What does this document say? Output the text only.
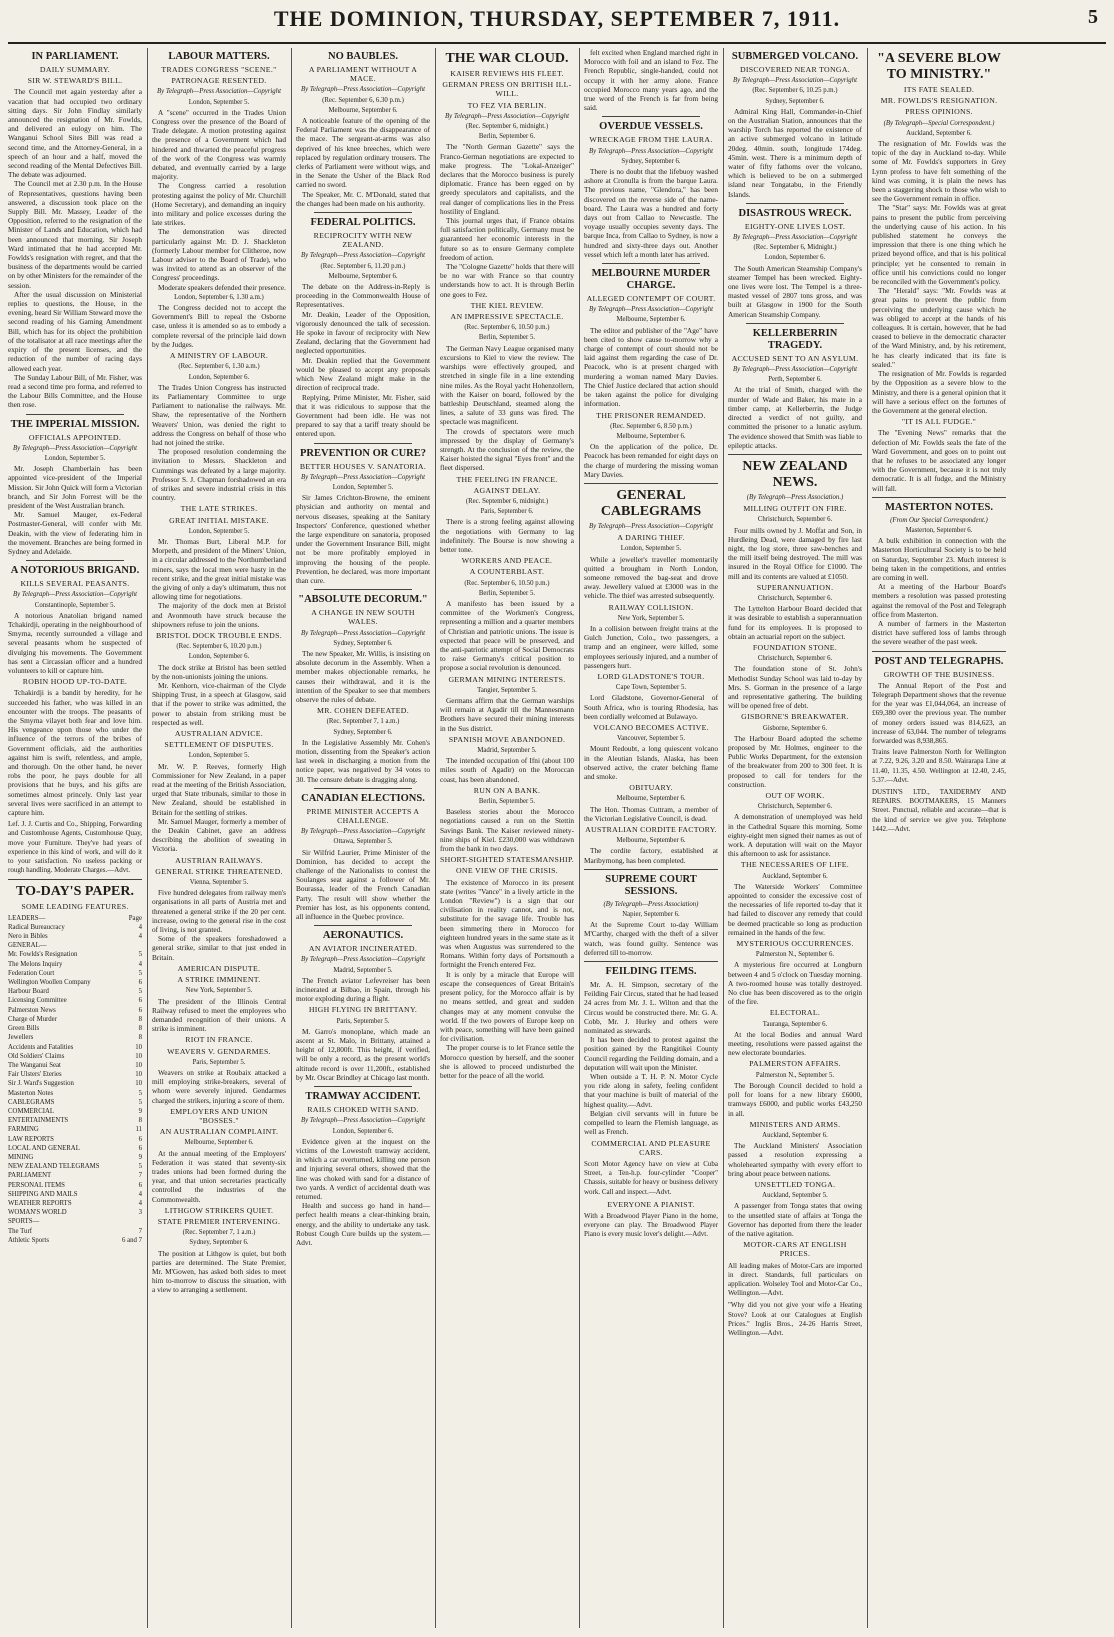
THE DOMINION, THURSDAY, SEPTEMBER 7, 1911.	5
IN PARLIAMENT.
DAILY SUMMARY.
SIR W. STEWARD'S BILL.

The Council met again yesterday after a vacation that had occupied two ordinary sitting days. Sir John Findlay similarly announced the resignation of Mr. Fowlds, and delivered an eulogy on him. The Wanganui School Sites Bill was read a second time, and the Attorney-General, in a speech of an hour and a half, moved the second reading of the Mental Defectives Bill. The debate was adjourned.

The Council met at 2.30 p.m. In the House of Representatives, questions having been answered, a discussion took place on the Supply Bill. Mr. Massey, Leader of the Opposition, referred to the resignation of the Minister of Lands and Education, which had been announced that morning. Sir Joseph Ward intimated that he had accepted Mr. Fowlds's resignation with regret, and that the business of the departments would be carried on by other Ministers for the remainder of the session.

After the usual discussion on Ministerial replies to questions, the House, in the evening, heard Sir William Steward move the second reading of his Gaming Amendment Bill, which has for its object the prohibition of the totalisator at all race meetings after the expiry of the present licenses, and the reduction of the number of racing days allowed each year.

The Sunday Labour Bill, of Mr. Fisher, was read a second time pro forma, and referred to the Labour Bills Committee, and the House then rose.

THE IMPERIAL MISSION.
OFFICIALS APPOINTED.
By Telegraph—Press Association—Copyright
London, September 5.

Mr. Joseph Chamberlain has been appointed vice-president of the Imperial Mission. Sir John Quick will form a Victorian branch, and Sir John Forrest will be the president of the West Australian branch.

Mr. Samuel Mauger, ex-Federal Postmaster-General, will confer with Mr. Deakin, with the view of federating him in the movement. Branches are being formed in Sydney and Adelaide.

A NOTORIOUS BRIGAND.
KILLS SEVERAL PEASANTS.
By Telegraph—Press Association—Copyright
Constantinople, September 5.

A notorious Anatolian brigand named Tchakirdji, operating in the neighbourhood of Smyrna, recently surrounded a village and several peasants whom he suspected of divulging his movements. The Government has sent a Circassian officer and a hundred volunteers to kill or capture him.

ROBIN HOOD UP-TO-DATE.

Tchakirdji is a bandit by heredity, for he succeeded his father, who was killed in an encounter with the troops. The peasants of the Smyrna vilayet both fear and love him. His vengeance upon those who under the influence of the terrors of the bribes of Government officials, aid the authorities against him is swift, relentless, and ample, and thorough. On the other hand, he never robs the poor, he pays double for all provisions that he buys, and his gifts are sometimes almost princely. Only last year several lives were sacrificed in an attempt to capture him.

Lef. J. J. Curtis and Co., Shipping, Forwarding and Customhouse Agents, Customhouse Quay, move your Furniture. They've had years of experience in this kind of work, and will do it to your satisfaction. No useless packing or rough handling. Moderate Charges.—Advt.

TO-DAY'S PAPER.
SOME LEADING FEATURES.
LEADERS—	Page
Radical Bureaucracy	4
Nero in Bibles	4
GENERAL—
Mr. Fowlds's Resignation	5
The Melons Inquiry	4
Federation Court	5
Wellington Woollen Company	6
Harbour Board	5
Licensing Committee	6
Palmerston News	6
Charge of Murder	8
Green Bills	8
Jewellers	8
Accidents and Fatalities	10
Old Soldiers' Claims	10
The Wanganui Seat	10
Fair Ulsters' Eteries	10
Sir J. Ward's Suggestion	10
Masterton Notes	5
CABLEGRAMS	5
COMMERCIAL	9
ENTERTAINMENTS	8
FARMING	11
LAW REPORTS	6
LOCAL AND GENERAL	6
MINING	9
NEW ZEALAND TELEGRAMS	5
PARLIAMENT	7
PERSONAL ITEMS	6
SHIPPING AND MAILS	4
WEATHER REPORTS	4
WOMAN'S WORLD	3
SPORTS—
The Turf	7
Athletic Sports	6 and 7
LABOUR MATTERS.
TRADES CONGRESS "SCENE."
PATRONAGE RESENTED.
By Telegraph—Press Association—Copyright
London, September 5.

A "scene" occurred in the Trades Union Congress over the presence of the Board of Trade delegate. A motion protesting against the presence of a Government which had hindered and thwarted the peaceful progress of the work of the Congress was warmly debated, and eventually carried by a large majority.

The Congress carried a resolution protesting against the policy of Mr. Churchill (Home Secretary), and demanding an inquiry into military and police excesses during the late strikes.

The demonstration was directed particularly against Mr. D. J. Shackleton (formerly Labour member for Clitheroe, now Labour adviser to the Board of Trade), who was invited to attend as an observer of the Congress' proceedings.

Moderate speakers defended their presence.

London, September 6, 1.30 a.m.)

The Congress decided not to accept the Government's Bill to repeal the Osborne case, unless it is amended so as to embody a complete reversal of the principle laid down by the Judges.

A MINISTRY OF LABOUR.
(Rec. September 6, 1.30 a.m.)
London, September 6.

The Trades Union Congress has instructed its Parliamentary Committee to urge Parliament to nationalise the railways. Mr. Shaw, the representative of the Northern Weavers' Union, was denied the right to address the Congress on behalf of those who had not joined the strike.

The proposed resolution condemning the invitation to Messrs. Shackleton and Cummings was defeated by a large majority. Professor S. J. Chapman forshadowed an era of strikes and severe industrial crisis in this country.

THE LATE STRIKES.
GREAT INITIAL MISTAKE.
London, September 5.

Mr. Thomas Burt, Liberal M.P. for Morpeth, and president of the Miners' Union, in a circular addressed to the Northumberland miners, says the local men were hasty in the recent strike, and the great initial mistake was the giving of only a day's ultimatum, thus not allowing time for negotiations.

The majority of the dock men at Bristol and Avonmouth have struck because the shipowners refuse to join the unions.

BRISTOL DOCK TROUBLE ENDS.
(Rec. September 6, 10.20 p.m.)
London, September 6.

The dock strike at Bristol has been settled by the non-unionists joining the unions.

Mr. Kenhorn, vice-chairman of the Clyde Shipping Trust, in a speech at Glasgow, said that if the power to strike was admitted, the power to abstain from striking must be respected as well.

AUSTRALIAN ADVICE.
SETTLEMENT OF DISPUTES.
London, September 5.

Mr. W. P. Reeves, formerly High Commissioner for New Zealand, in a paper read at the meeting of the British Association, urged that State tribunals, similar to those in New Zealand, should be established in Britain for the settling of strikes.

Mr. Samuel Mauger, formerly a member of the Deakin Cabinet, gave an address describing the abolition of sweating in Victoria.

AUSTRIAN RAILWAYS.
GENERAL STRIKE THREATENED.
Vienna, September 5.

Five hundred delegates from railway men's organisations in all parts of Austria met and threatened a general strike if the 20 per cent. increase, owing to the general rise in the cost of living, is not granted.

Some of the speakers foreshadowed a general strike, similar to that just ended in Britain.

AMERICAN DISPUTE.
A STRIKE IMMINENT.
New York, September 5.

The president of the Illinois Central Railway refused to meet the employees who demanded recognition of their unions. A strike is imminent.

RIOT IN FRANCE.
WEAVERS V. GENDARMES.
Paris, September 5.

Weavers on strike at Roubaix attacked a mill employing strike-breakers, several of whom were severely injured. Gendarmes charged the strikers, injuring a score of them.

EMPLOYERS AND UNION "BOSSES."
AN AUSTRALIAN COMPLAINT.
Melbourne, September 6.

At the annual meeting of the Employers' Federation it was stated that seventy-six trades unions had been formed during the year, and that union secretaries practically controlled the industries of the Commonwealth.

LITHGOW STRIKERS QUIET.
STATE PREMIER INTERVENING.
(Rec. September 7, 1 a.m.)
Sydney, September 6.

The position at Lithgow is quiet, but both parties are determined. The State Premier, Mr. M'Gowen, has asked both sides to meet him to-morrow to discuss the situation, with a view to arranging a settlement.

NO BAUBLES.
A PARLIAMENT WITHOUT A MACE.
By Telegraph—Press Association—Copyright
(Rec. September 6, 6.30 p.m.)
Melbourne, September 6.

A noticeable feature of the opening of the Federal Parliament was the disappearance of the mace. The sergeant-at-arms was also deprived of his knee breeches, which were replaced by regulation ordinary trousers. The clerks of Parliament were without wigs, and in the Senate the Usher of the Black Rod carried no sword.

The Speaker, Mr. C. M'Donald, stated that the changes had been made on his authority.

FEDERAL POLITICS.
RECIPROCITY WITH NEW ZEALAND.
By Telegraph—Press Association—Copyright
(Rec. September 6, 11.20 p.m.)
Melbourne, September 6.

The debate on the Address-in-Reply is proceeding in the Commonwealth House of Representatives.

Mr. Deakin, Leader of the Opposition, vigorously denounced the talk of secession. He spoke in favour of reciprocity with New Zealand, declaring that the Government had neglected opportunities.

Mr. Deakin replied that the Government would be pleased to accept any proposals which New Zealand might make in the direction of reciprocal trade.

Replying, Prime Minister, Mr. Fisher, said that it was ridiculous to suppose that the Government had been idle. He was not prepared to say that a tariff treaty should be entered upon.

PREVENTION OR CURE?
BETTER HOUSES V. SANATORIA.
By Telegraph—Press Association—Copyright
London, September 5.

Sir James Crichton-Browne, the eminent physician and authority on mental and nervous diseases, speaking at the Sanitary Inspectors' Conference, questioned whether the large expenditure on sanatoria, proposed under the Government Insurance Bill, might not be more profitably employed in improving the housing of the people. Prevention, he declared, was more important than cure.

"ABSOLUTE DECORUM."
A CHANGE IN NEW SOUTH WALES.
By Telegraph—Press Association—Copyright
Sydney, September 6.

The new Speaker, Mr. Willis, is insisting on absolute decorum in the Assembly. When a member makes objectionable remarks, he causes their withdrawal, and it is the intention of the Speaker to see that members observe the rules of debate.

MR. COHEN DEFEATED.
(Rec. September 7, 1 a.m.)
Sydney, September 6.

In the Legislative Assembly Mr. Cohen's motion, dissenting from the Speaker's action last week in discharging a motion from the notice paper, was negatived by 34 votes to 30. The censure debate is dragging along.

CANADIAN ELECTIONS.
PRIME MINISTER ACCEPTS A CHALLENGE.
By Telegraph—Press Association—Copyright
Ottawa, September 5.

Sir Wilfrid Laurier, Prime Minister of the Dominion, has decided to accept the challenge of the Nationalists to contest the Soulanges seat against a follower of Mr. Bourassa, leader of the French Canadian Party. The result will show whether the Premier has lost, as his opponents contend, all influence in the Quebec province.

AERONAUTICS.
AN AVIATOR INCINERATED.
By Telegraph—Press Association—Copyright
Madrid, September 5.

The French aviator Lefevreiser has been incinerated at Bilbao, in Spain, through his motor exploding during a flight.

HIGH FLYING IN BRITTANY.
Paris, September 5.

M. Garro's monoplane, which made an ascent at St. Malo, in Brittany, attained a height of 12,800ft. This height, if verified, will be only a record, as the present world's altitude record is over 11,200ft., established by Mr. Oscar Brindley at Chicago last month.

TRAMWAY ACCIDENT.
RAILS CHOKED WITH SAND.
By Telegraph—Press Association—Copyright
London, September 6.

Evidence given at the inquest on the victims of the Lowestoft tramway accident, in which a car overturned, killing one person and injuring several others, showed that the line was choked with sand for a distance of two yards. A verdict of accidental death was returned.

Health and success go hand in hand—perfect health means a clear-thinking brain, energy, and the ability to undertake any task. Robust Cough Cure builds up the system.—Advt.

THE WAR CLOUD.
KAISER REVIEWS HIS FLEET.
GERMAN PRESS ON BRITISH ILL-WILL.
TO FEZ VIA BERLIN.
By Telegraph—Press Association—Copyright
(Rec. September 6, midnight.)
Berlin, September 6.

The "North German Gazette" says the Franco-German negotiations are expected to make progress. The "Lokal-Anzeiger" declares that the Morocco business is purely diplomatic. France has been egged on by greedy speculators and capitalists, and the real danger of complications lies in the Press hostility of England.

This journal urges that, if France obtains full satisfaction politically, Germany must be guaranteed her economic interests in the future so as to ensure Germany complete freedom of action.

The "Cologne Gazette" holds that there will be no war with France so that country understands how to act. It is through Berlin one goes to Fez.

THE KIEL REVIEW.
AN IMPRESSIVE SPECTACLE.
(Rec. September 6, 10.50 p.m.)
Berlin, September 5.

The German Navy League organised many excursions to Kiel to view the review. The warships were effectively grouped, and stretched in single file in a line extending nine miles. As the Royal yacht Hohenzollern, with the Kaiser on board, followed by the battleship Deutschland, steamed along the lines, a salute of 33 guns was fired. The spectacle was magnificent.

The crowds of spectators were much impressed by the display of Germany's strength. At the conclusion of the review, the Kaiser hoisted the signal "Eyes front" and the fleet dispersed.

THE FEELING IN FRANCE.
AGAINST DELAY.
(Rec. September 6, midnight.)
Paris, September 6.

There is a strong feeling against allowing the negotiations with Germany to lag indefinitely. The Bourse is now showing a better tone.

WORKERS AND PEACE.
A COUNTERBLAST.
(Rec. September 6, 10.50 p.m.)
Berlin, September 5.

A manifesto has been issued by a committee of the Workmen's Congress, representing a million and a quarter members of Christian and patriotic unions. The issue is expected that peace will be preserved, and the anti-patriotic attempt of Social Democrats to raise Germany's critical position to propose a social revolution is denounced.

GERMAN MINING INTERESTS.
Tangier, September 5.

Germans affirm that the German warships will remain at Agadir till the Mannesmann Brothers have secured their mining interests in the Sus district.

SPANISH MOVE ABANDONED.
Madrid, September 5.

The intended occupation of Ifni (about 100 miles south of Agadir) on the Moroccan coast, has been abandoned.

RUN ON A BANK.
Berlin, September 5.

Baseless stories about the Morocco negotiations caused a run on the Stettin Savings Bank. The Kaiser reviewed ninety-nine ships of Kiel. £230,000 was withdrawn from the bank in two days.

SHORT-SIGHTED STATESMANSHIP.
ONE VIEW OF THE CRISIS.

The existence of Morocco in its present state (writes "Vance" in a lively article in the London "Review") is a sign that our civilisation in reality cannot, and is not, substitute for the savage life. Trouble has been simmering there in Morocco for eighteen hundred years in the same state as it was when Augustus was surrendered to the Romans. Within forty days of Portsmouth a fortnight the French entered Fez.

It is only by a miracle that Europe will escape the consequences of Great Britain's present policy, for the Morocco affair is by no means settled, and great and sudden changes may at any moment convulse the world. If the two powers of Europe keep on with peace, something will have been gained for civilisation.

The proper course is to let France settle the Morocco question by herself, and the sooner she is allowed to proceed undisturbed the better for the peace of all the world.

felt excited when England marched right in Morocco with foil and an island to Fez. The French Republic, single-handed, could not occupy it with her army alone. France occupied Morocco many years ago, and the true word of the French is far from being said.

OVERDUE VESSELS.
WRECKAGE FROM THE LAURA.
By Telegraph—Press Association—Copyright
Sydney, September 6.

There is no doubt that the lifebuoy washed ashore at Cronulla is from the barque Laura. The previous name, "Glendora," has been discovered on the reverse side of the name-board. The Laura was a hundred and forty days out from Callao to Newcastle. The voyage usually occupies seventy days. The barque Inca, from Callao to Sydney, is now a hundred and sixty-three days out. Another vessel which left a month later has arrived.

MELBOURNE MURDER CHARGE.
ALLEGED CONTEMPT OF COURT.
By Telegraph—Press Association—Copyright
Melbourne, September 6.

The editor and publisher of the "Age" have been cited to show cause to-morrow why a charge of contempt of court should not be laid against them regarding the case of Dr. Peacock, who is at present charged with murdering a woman named Mary Davies. The Chief Justice declared that action should be taken against the police for divulging information.

THE PRISONER REMANDED.
(Rec. September 6, 8.50 p.m.)
Melbourne, September 6.

On the application of the police, Dr. Peacock has been remanded for eight days on the charge of murdering the missing woman Mary Davies.

GENERAL CABLEGRAMS
By Telegraph—Press Association—Copyright
A DARING THIEF.
London, September 5.

While a jeweller's traveller momentarily quitted a brougham in North London, someone removed the bag-seat and drove away. Jewellery valued at £3000 was in the vehicle. The thief was arrested subsequently.

RAILWAY COLLISION.
New York, September 5.

In a collision between freight trains at the Gulch Junction, Colo., two passengers, a tramp and an engineer, were killed, some employees seriously injured, and a number of passengers hurt.

LORD GLADSTONE'S TOUR.
Cape Town, September 5.

Lord Gladstone, Governor-General of South Africa, who is touring Rhodesia, has been cordially welcomed at Bulawayo.

VOLCANO BECOMES ACTIVE.
Vancouver, September 5.

Mount Redoubt, a long quiescent volcano in the Aleutian Islands, Alaska, has been observed active, the crater belching flame and smoke.

OBITUARY.
Melbourne, September 6.

The Hon. Thomas Cuttram, a member of the Victorian Legislative Council, is dead.

AUSTRALIAN CORDITE FACTORY.
Melbourne, September 6.

The cordite factory, established at Maribyrnong, has been completed.

SUPREME COURT SESSIONS.
(By Telegraph—Press Association)
Napier, September 6.

At the Supreme Court to-day William M'Carthy, charged with the theft of a silver watch, was found guilty. Sentence was deferred till to-morrow.

FEILDING ITEMS.

Mr. A. H. Simpson, secretary of the Feilding Fair Circus, stated that he had leased 24 acres from Mr. J. L. Wilton and that the Circus would be constructed there. Mr. G. A. Cobb, Mr. J. Hurley and others were nominated as stewards.

It has been decided to protest against the position gained by the Rangitikei County Council regarding the Feilding domain, and a deputation will wait upon the Minister.

When outside a T. H. P. N. Motor Cycle you ride along in safety, feeling confident that your machine is built of material of the highest quality.—Advt.

Belgian civil servants will in future be compelled to learn the Flemish language, as well as French.

COMMERCIAL AND PLEASURE CARS.

Scott Motor Agency have on view at Cuba Street, a Ten-h.p. four-cylinder "Cooper" Chassis, suitable for heavy or business delivery work. Call and inspect.—Advt.

EVERYONE A PIANIST.

With a Broadwood Player Piano in the home, everyone can play. The Broadwood Player Piano is every music lover's delight.—Advt.

SUBMERGED VOLCANO.
DISCOVERED NEAR TONGA.
By Telegraph—Press Association—Copyright
(Rec. September 6, 10.25 p.m.)
Sydney, September 6.

Admiral King Hall, Commander-in-Chief on the Australian Station, announces that the warship Torch has reported the existence of an active submerged volcano in latitude 20deg. 40min. south, longitude 174deg. 45min. west. There is a minimum depth of water of fifty fathoms over the volcano, which is believed to be on a submerged island near Tongatabu, in the Friendly Islands.

DISASTROUS WRECK.
EIGHTY-ONE LIVES LOST.
By Telegraph—Press Association—Copyright
(Rec. September 6, Midnight.)
London, September 6.

The South American Steamship Company's steamer Tempel has been wrecked. Eighty-one lives were lost. The Tempel is a three-masted vessel of 2807 tons gross, and was built at Glasgow in 1900 for the South American Steamship Company.

KELLERBERRIN TRAGEDY.
ACCUSED SENT TO AN ASYLUM.
By Telegraph—Press Association—Copyright
Perth, September 6.

At the trial of Smith, charged with the murder of Wade and Baker, his mate in a timber camp, at Kellerberrin, the Judge directed a verdict of not guilty, and committed the prisoner to a lunatic asylum. The evidence showed that Smith was liable to epileptic attacks.

NEW ZEALAND NEWS.
(By Telegraph—Press Association.)
MILLING OUTFIT ON FIRE.
Christchurch, September 6.

Four mills owned by J. Moffat and Son, in Hurdleing Dead, were damaged by fire last night, the log store, three saw-benches and the mill itself being destroyed. The mill was insured in the Royal Office for £1000. The mill and its contents are valued at £1050.

SUPERANNUATION.
Christchurch, September 6.

The Lyttelton Harbour Board decided that it was desirable to establish a superannuation fund for its employees. It is proposed to obtain an actuarial report on the subject.

FOUNDATION STONE.
Christchurch, September 6.

The foundation stone of St. John's Methodist Sunday School was laid to-day by Mrs. S. Gorman in the presence of a large and representative gathering. The building will be opened free of debt.

GISBORNE'S BREAKWATER.
Gisborne, September 6.

The Harbour Board adopted the scheme proposed by Mr. Holmes, engineer to the Public Works Department, for the extension of the breakwater from 200 to 300 feet. It is proposed to call for tenders for the construction.

OUT OF WORK.
Christchurch, September 6.

A demonstration of unemployed was held in the Cathedral Square this morning. Some eighty-eight men signed their names as out of work. A deputation will wait on the Mayor this afternoon to ask for assistance.

THE NECESSARIES OF LIFE.
Auckland, September 6.

The Waterside Workers' Committee appointed to consider the excessive cost of the necessaries of life reported to-day that it had failed to discover any remedy that could be deemed practicable so long as production remained in the hands of the few.

MYSTERIOUS OCCURRENCES.
Palmerston N., September 6.

A mysterious fire occurred at Longburn between 4 and 5 o'clock on Tuesday morning. A two-roomed house was totally destroyed. No clue has been discovered as to the origin of the fire.

ELECTORAL.
Tauranga, September 6.

At the local Bodies and annual Ward meeting, resolutions were passed against the new electorate boundaries.

PALMERSTON AFFAIRS.
Palmerston N., September 5.

The Borough Council decided to hold a poll for loans for a new library £6000, tramways £6000, and public works £43,250 in all.

MINISTERS AND ARMS.
Auckland, September 6.

The Auckland Ministers' Association passed a resolution expressing a wholehearted sympathy with every effort to bring about peace between nations.

UNSETTLED TONGA.
Auckland, September 5.

A passenger from Tonga states that owing to the unsettled state of affairs at Tonga the Governor has deported from there the leader of the native agitation.

MOTOR-CARS AT ENGLISH PRICES.

All leading makes of Motor-Cars are imported in direct. Standards, full particulars on application. Wolseley Tool and Motor-Car Co., Wellington.—Advt.

"Why did you not give your wife a Heating Stove? Look at our Catalogues at English Prices." Inglis Bros., 24-26 Harris Street, Wellington.—Advt.

"A SEVERE BLOW TO MINISTRY."
ITS FATE SEALED.
MR. FOWLDS'S RESIGNATION.
PRESS OPINIONS.
(By Telegraph—Special Correspondent.)
Auckland, September 6.

The resignation of Mr. Fowlds was the topic of the day in Auckland to-day. While some of Mr. Fowlds's supporters in Grey Lynn profess to have felt something of the kind was coming, it is plain the news has been a staggering shock to those who wish to see the Government remain in office.

The "Star" says: Mr. Fowlds was at great pains to present the public from perceiving the underlying cause of his action. In his published statement he conveys the impression that there is one thing which he prized beyond office, and that is his political principle; yet he consented to remain in office until his convictions could no longer be reconciled with the Government's policy.

The "Herald" says: "Mr. Fowlds was at great pains to prevent the public from perceiving the underlying cause which he was obliged to accept at the hands of his colleagues. It is certain, however, that he had ceased to believe in the democratic character of the Ward Ministry, and, by his retirement, he has clearly indicated that its fate is sealed."

The resignation of Mr. Fowlds is regarded by the Opposition as a severe blow to the Ministry, and there is a general opinion that it will have a serious effect on the fortunes of the Government at the general election.

"IT IS ALL FUDGE."

The "Evening News" remarks that the defection of Mr. Fowlds seals the fate of the Ward Government, and goes on to point out that he refuses to be associated any longer with the Government, because it is not truly democratic. It is all fudge, and the Ministry will fall.

MASTERTON NOTES.
(From Our Special Correspondent.)
Masterton, September 6.

A bulk exhibition in connection with the Masterton Horticultural Society is to be held on Saturday, September 23. Much interest is being taken in the competitions, and entries are coming in well.

At a meeting of the Harbour Board's members a resolution was passed protesting against the removal of the Post and Telegraph office from Masterton.

A number of farmers in the Masterton district have suffered loss of lambs through the severe weather of the past week.

POST AND TELEGRAPHS.
GROWTH OF THE BUSINESS.

The Annual Report of the Post and Telegraph Department shows that the revenue for the year was £1,044,064, an increase of £69,380 over the previous year. The number of money orders issued was 814,623, an increase of 63,044. The number of telegrams forwarded was 8,938,865.

Trains leave Palmerston North for Wellington at 7.22, 9.26, 3.20 and 8.50. Wairarapa Line at 11.40, 11.35, 4.50. Wellington at 12.40, 2.45, 5.37.—Advt.

DUSTIN'S LTD., TAXIDERMY AND REPAIRS. BOOTMAKERS, 15 Manners Street. Punctual, reliable and accurate—that is the kind of service we give you. Telephone 1442.—Advt.
